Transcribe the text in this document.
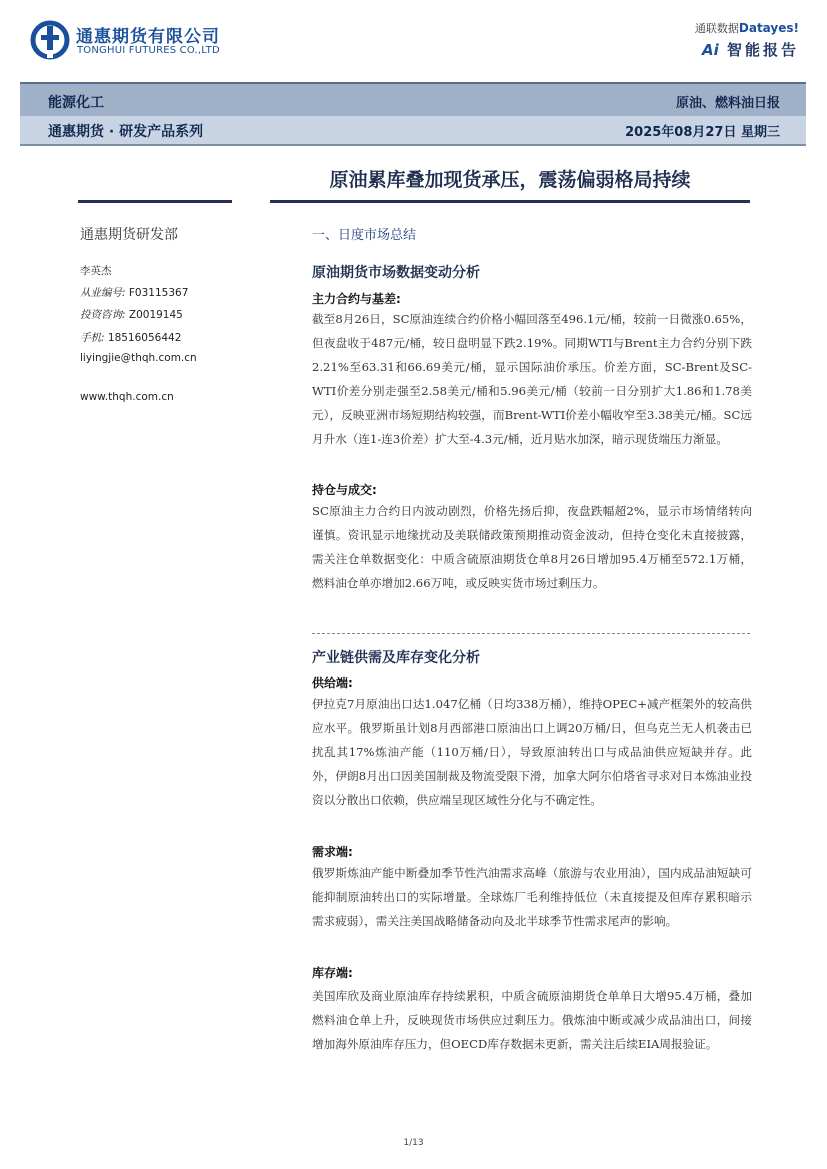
通惠期货有限公司
TONGHUI FUTURES CO.,LTD
通联数据Datayes!
Ai 智能报告
能源化工	原油、燃料油日报
通惠期货 · 研发产品系列	2025年08月27日 星期三
原油累库叠加现货承压，震荡偏弱格局持续
通惠期货研发部
李英杰
从业编号: F03115367
投资咨询: Z0019145
手机: 18516056442
liyingjie@thqh.com.cn
www.thqh.com.cn
一、日度市场总结
原油期货市场数据变动分析
主力合约与基差:
截至8月26日，SC原油连续合约价格小幅回落至496.1元/桶，较前一日微涨0.65%，但夜盘收于487元/桶，较日盘明显下跌2.19%。同期WTI与Brent主力合约分别下跌2.21%至63.31和66.69美元/桶，显示国际油价承压。价差方面，SC-Brent及SC-WTI价差分别走强至2.58美元/桶和5.96美元/桶（较前一日分别扩大1.86和1.78美元），反映亚洲市场短期结构较强，而Brent-WTI价差小幅收窄至3.38美元/桶。SC远月升水（连1-连3价差）扩大至-4.3元/桶，近月贴水加深，暗示现货端压力渐显。
持仓与成交:
SC原油主力合约日内波动剧烈，价格先扬后抑，夜盘跌幅超2%，显示市场情绪转向谨慎。资讯显示地缘扰动及美联储政策预期推动资金波动，但持仓变化未直接披露，需关注仓单数据变化：中质含硫原油期货仓单8月26日增加95.4万桶至572.1万桶，燃料油仓单亦增加2.66万吨，或反映实货市场过剩压力。
产业链供需及库存变化分析
供给端:
伊拉克7月原油出口达1.047亿桶（日均338万桶），维持OPEC+减产框架外的较高供应水平。俄罗斯虽计划8月西部港口原油出口上调20万桶/日，但乌克兰无人机袭击已扰乱其17%炼油产能（110万桶/日），导致原油转出口与成品油供应短缺并存。此外，伊朗8月出口因美国制裁及物流受限下滑，加拿大阿尔伯塔省寻求对日本炼油业投资以分散出口依赖，供应端呈现区域性分化与不确定性。
需求端:
俄罗斯炼油产能中断叠加季节性汽油需求高峰（旅游与农业用油），国内成品油短缺可能抑制原油转出口的实际增量。全球炼厂毛利维持低位（未直接提及但库存累积暗示需求疲弱），需关注美国战略储备动向及北半球季节性需求尾声的影响。
库存端:
美国库欣及商业原油库存持续累积，中质含硫原油期货仓单单日大增95.4万桶，叠加燃料油仓单上升，反映现货市场供应过剩压力。俄炼油中断或减少成品油出口，间接增加海外原油库存压力，但OECD库存数据未更新，需关注后续EIA周报验证。
1/13
